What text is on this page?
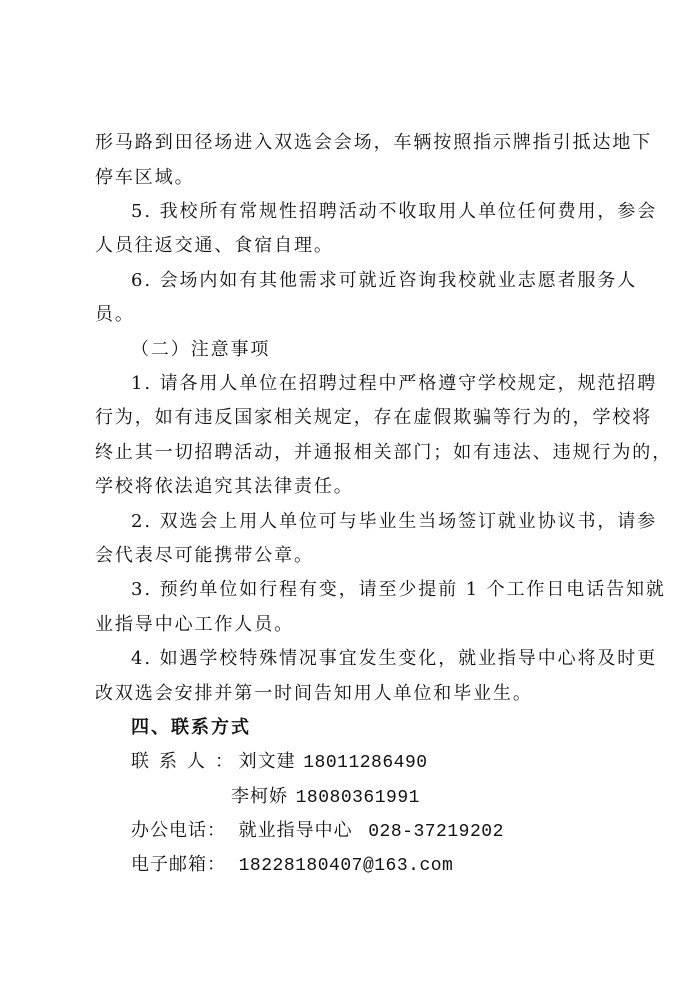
形马路到田径场进入双选会会场，车辆按照指示牌指引抵达地下
停车区域。
5. 我校所有常规性招聘活动不收取用人单位任何费用，参会
人员往返交通、食宿自理。
6. 会场内如有其他需求可就近咨询我校就业志愿者服务人
员。
（二）注意事项
1. 请各用人单位在招聘过程中严格遵守学校规定，规范招聘
行为，如有违反国家相关规定，存在虚假欺骗等行为的，学校将
终止其一切招聘活动，并通报相关部门；如有违法、违规行为的，
学校将依法追究其法律责任。
2. 双选会上用人单位可与毕业生当场签订就业协议书，请参
会代表尽可能携带公章。
3. 预约单位如行程有变，请至少提前 1 个工作日电话告知就
业指导中心工作人员。
4. 如遇学校特殊情况事宜发生变化，就业指导中心将及时更
改双选会安排并第一时间告知用人单位和毕业生。
四、联系方式
联系人： 刘文建 18011286490
李柯娇 18080361991
办公电话： 就业指导中心 028-37219202
电子邮箱： 18228180407@163.com
